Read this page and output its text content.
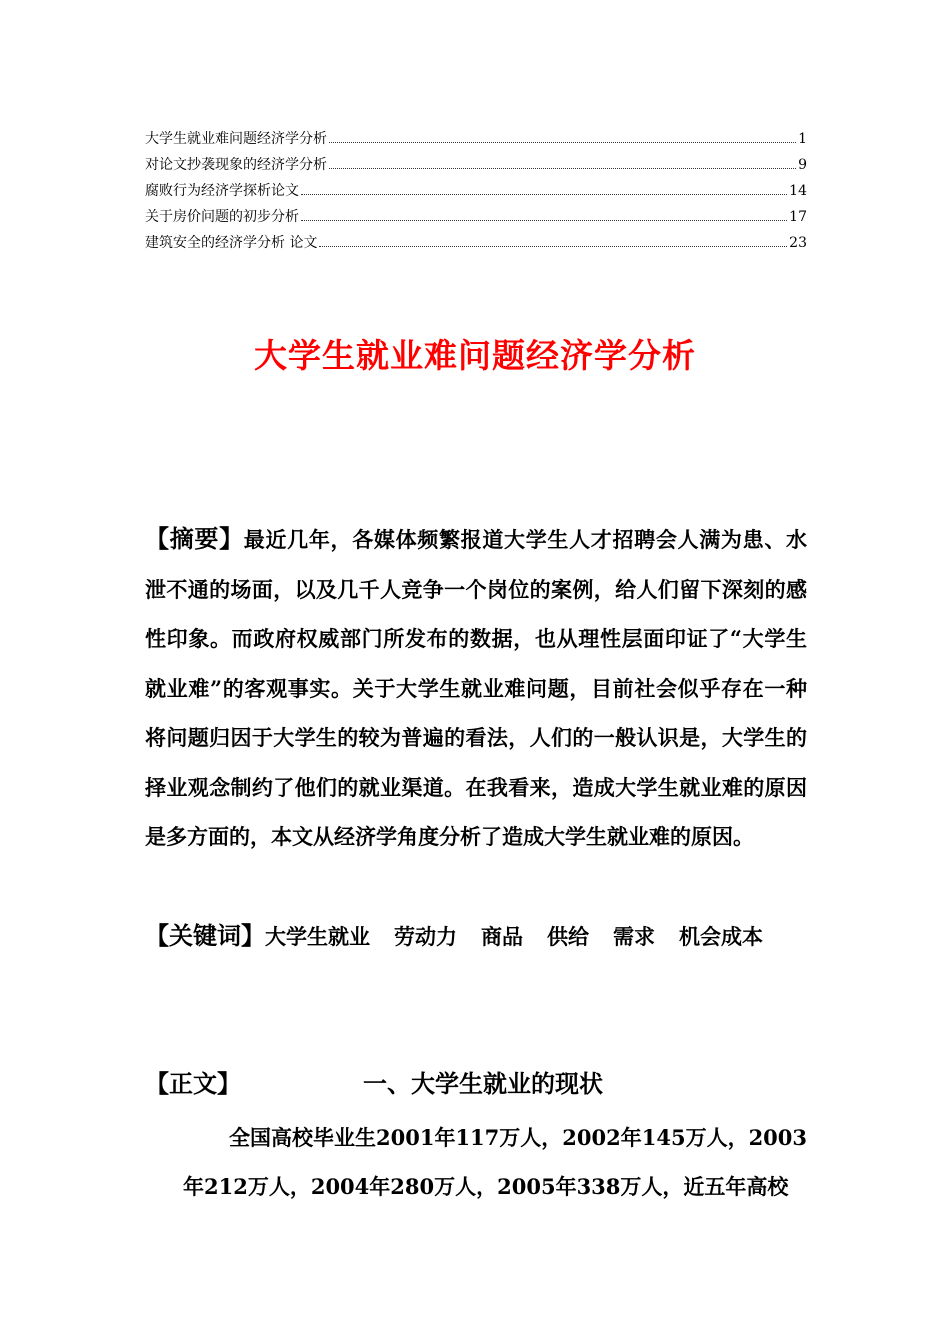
大学生就业难问题经济学分析	1
对论文抄袭现象的经济学分析	9
腐败行为经济学探析论文	14
关于房价问题的初步分析	17
建筑安全的经济学分析 论文	23
大学生就业难问题经济学分析
【摘要】最近几年，各媒体频繁报道大学生人才招聘会人满为患、水泄不通的场面，以及几千人竞争一个岗位的案例，给人们留下深刻的感性印象。而政府权威部门所发布的数据，也从理性层面印证了“大学生就业难”的客观事实。关于大学生就业难问题，目前社会似乎存在一种将问题归因于大学生的较为普遍的看法，人们的一般认识是，大学生的择业观念制约了他们的就业渠道。在我看来，造成大学生就业难的原因是多方面的，本文从经济学角度分析了造成大学生就业难的原因。
【关键词】大学生就业 劳动力 商品 供给 需求 机会成本
【正文】	一、大学生就业的现状
全国高校毕业生2001年117万人，2002年145万人，2003
年212万人，2004年280万人，2005年338万人，近五年高校
